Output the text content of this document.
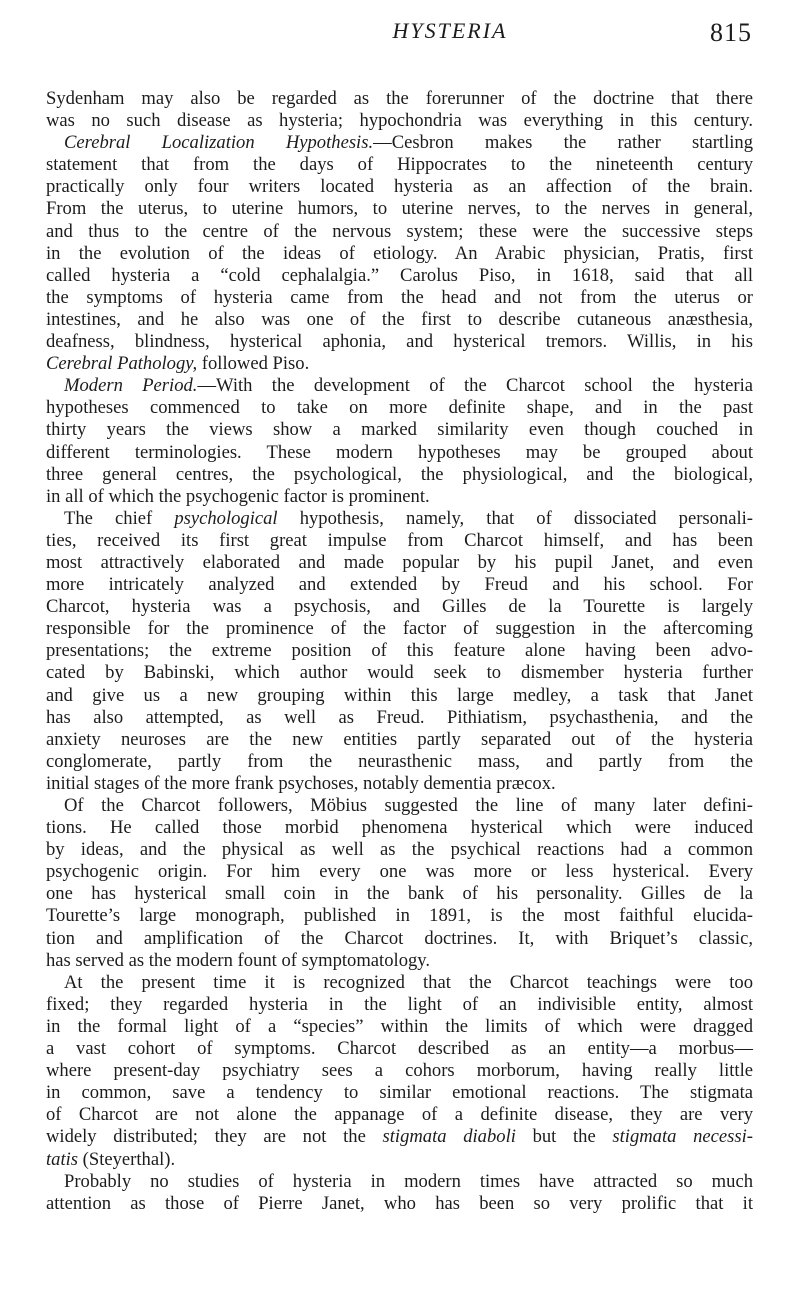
HYSTERIA	815
Sydenham may also be regarded as the forerunner of the doctrine that there
was no such disease as hysteria; hypochondria was everything in this century.
Cerebral Localization Hypothesis.—Cesbron makes the rather startling
statement that from the days of Hippocrates to the nineteenth century
practically only four writers located hysteria as an affection of the brain.
From the uterus, to uterine humors, to uterine nerves, to the nerves in general,
and thus to the centre of the nervous system; these were the successive steps
in the evolution of the ideas of etiology. An Arabic physician, Pratis, first
called hysteria a “cold cephalalgia.” Carolus Piso, in 1618, said that all
the symptoms of hysteria came from the head and not from the uterus or
intestines, and he also was one of the first to describe cutaneous anæsthesia,
deafness, blindness, hysterical aphonia, and hysterical tremors. Willis, in his
Cerebral Pathology, followed Piso.
Modern Period.—With the development of the Charcot school the hysteria
hypotheses commenced to take on more definite shape, and in the past
thirty years the views show a marked similarity even though couched in
different terminologies. These modern hypotheses may be grouped about
three general centres, the psychological, the physiological, and the biological,
in all of which the psychogenic factor is prominent.
The chief psychological hypothesis, namely, that of dissociated personali-
ties, received its first great impulse from Charcot himself, and has been
most attractively elaborated and made popular by his pupil Janet, and even
more intricately analyzed and extended by Freud and his school. For
Charcot, hysteria was a psychosis, and Gilles de la Tourette is largely
responsible for the prominence of the factor of suggestion in the aftercoming
presentations; the extreme position of this feature alone having been advo-
cated by Babinski, which author would seek to dismember hysteria further
and give us a new grouping within this large medley, a task that Janet
has also attempted, as well as Freud. Pithiatism, psychasthenia, and the
anxiety neuroses are the new entities partly separated out of the hysteria
conglomerate, partly from the neurasthenic mass, and partly from the
initial stages of the more frank psychoses, notably dementia præcox.
Of the Charcot followers, Möbius suggested the line of many later defini-
tions. He called those morbid phenomena hysterical which were induced
by ideas, and the physical as well as the psychical reactions had a common
psychogenic origin. For him every one was more or less hysterical. Every
one has hysterical small coin in the bank of his personality. Gilles de la
Tourette’s large monograph, published in 1891, is the most faithful elucida-
tion and amplification of the Charcot doctrines. It, with Briquet’s classic,
has served as the modern fount of symptomatology.
At the present time it is recognized that the Charcot teachings were too
fixed; they regarded hysteria in the light of an indivisible entity, almost
in the formal light of a “species” within the limits of which were dragged
a vast cohort of symptoms. Charcot described as an entity—a morbus—
where present-day psychiatry sees a cohors morborum, having really little
in common, save a tendency to similar emotional reactions. The stigmata
of Charcot are not alone the appanage of a definite disease, they are very
widely distributed; they are not the stigmata diaboli but the stigmata necessi-
tatis (Steyerthal).
Probably no studies of hysteria in modern times have attracted so much
attention as those of Pierre Janet, who has been so very prolific that it
